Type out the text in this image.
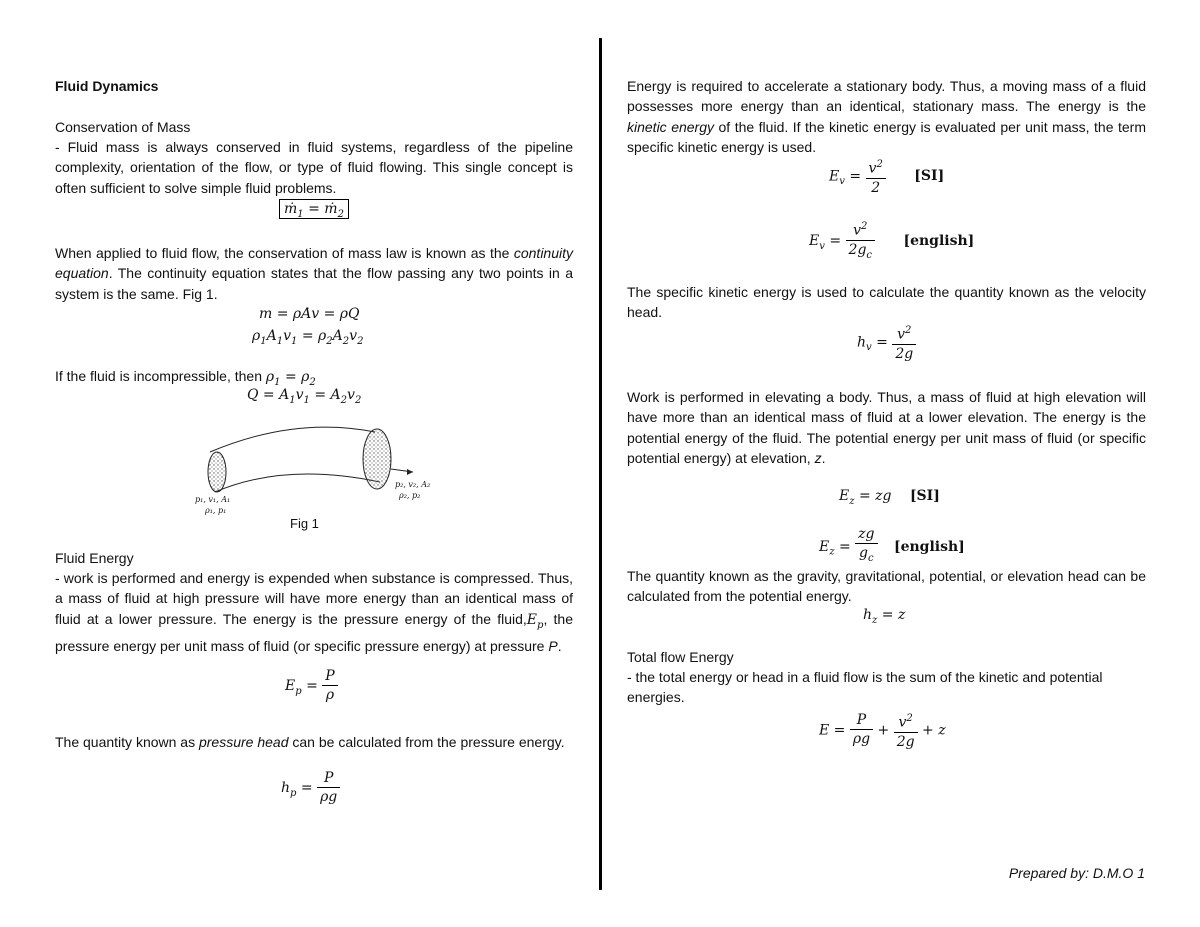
Fluid Dynamics

Conservation of Mass

- Fluid mass is always conserved in fluid systems, regardless of the pipeline complexity, orientation of the flow, or type of fluid flowing. This single concept is often sufficient to solve simple fluid problems.

ṁ$_1$ = ṁ$_2$

When applied to fluid flow, the conservation of mass law is known as the continuity equation. The continuity equation states that the flow passing any two points in a system is the same. Fig 1.

m = ρAv = ρQ
$\rho_1A_1v_1 = \rho_2A_2v_2$

If the fluid is incompressible, then $\rho_1 = \rho_2$

$Q = A_1v_1 = A_2v_2$
p₁, v₁, A₁
ρ₁, p₁
p₂, v₂, A₂
ρ₂, p₂

Fig 1

Fluid Energy

- work is performed and energy is expended when substance is compressed. Thus, a mass of fluid at high pressure will have more energy than an identical mass of fluid at a lower pressure. The energy is the pressure energy of the $fluid,E_p$, the pressure energy per unit mass of fluid (or specific pressure energy) at pressure P.

$E_p = \frac{P}{\rho}$

The quantity known as pressure head can be calculated from the pressure energy.

$h_p = \frac{P}{\rho g}$

Energy is required to accelerate a stationary body. Thus, a moving mass of a fluid possesses more energy than an identical, stationary mass. The energy is the kinetic energy of the fluid. If the kinetic energy is evaluated per unit mass, the term specific kinetic energy is used.

$E_v = \frac{v^2}{2} [SI]$
$E_v = \frac{v^2}{2g_c}$ [english]

The specific kinetic energy is used to calculate the quantity known as the velocity head.

$h_v = \frac{v^2}{2g}$

Work is performed in elevating a body. Thus, a mass of fluid at high elevation will have more than an identical mass of fluid at a lower elevation. The energy is the potential energy of the fluid. The potential energy per unit mass of fluid (or specific potential energy) at elevation, z.

$E_z$ = zg [SI]
$E_z = \frac{zg}{g_c}$ [english]

The quantity known as the gravity, gravitational, potential, or elevation head can be calculated from the potential energy.

$h_z = z$

Total flow Energy

- the total energy or head in a fluid flow is the sum of the kinetic and potential energies.

$E = \frac{P}{\rho g} + \frac{v^2}{2g} + z$
Prepared by: D.M.O 1
